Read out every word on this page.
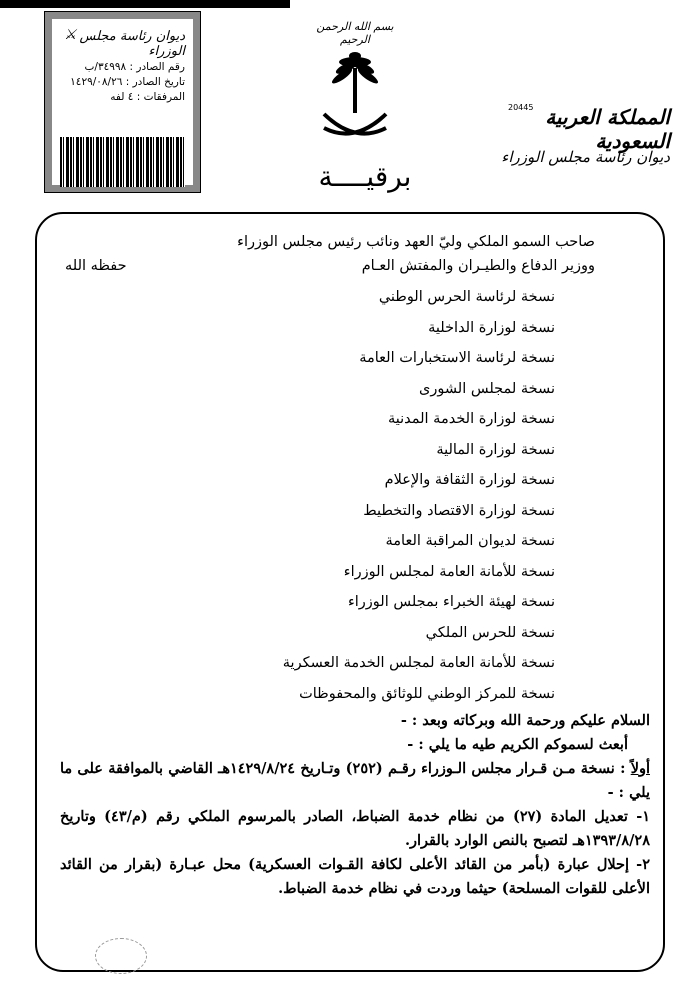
⚔ ديوان رئاسة مجلس الوزراء
رقم الصادر : ٣٤٩٩٨/ب
تاريخ الصادر : ١٤٢٩/٠٨/٢٦
المرفقات : ٤ لفه
بسم الله الرحمن الرحيم
برقيــــة
20445 المملكة العربية السعودية
ديوان رئاسة مجلس الوزراء

صاحب السمو الملكي وليّ العهد ونائب رئيس مجلس الوزراء

ووزير الدفاع والطيـران والمفتش العـام
حفظه الله
نسخة لرئاسة الحرس الوطني
نسخة لوزارة الداخلية
نسخة لرئاسة الاستخبارات العامة
نسخة لمجلس الشورى
نسخة لوزارة الخدمة المدنية
نسخة لوزارة المالية
نسخة لوزارة الثقافة والإعلام
نسخة لوزارة الاقتصاد والتخطيط
نسخة لديوان المراقبة العامة
نسخة للأمانة العامة لمجلس الوزراء
نسخة لهيئة الخبراء بمجلس الوزراء
نسخة للحرس الملكي
نسخة للأمانة العامة لمجلس الخدمة العسكرية
نسخة للمركز الوطني للوثائق والمحفوظات

السلام عليكم ورحمة الله وبركاته وبعد : -

أبعث لسموكم الكريم طيه ما يلي : -

أولاً : نسخة مـن قـرار مجلس الـوزراء رقـم (٢٥٢) وتـاريخ ١٤٢٩/٨/٢٤هـ القاضي بالموافقة على ما يلي : -

١- تعديل المادة (٢٧) من نظام خدمة الضباط، الصادر بالمرسوم الملكي رقم (م/٤٣) وتاريخ ١٣٩٣/٨/٢٨هـ لتصبح بالنص الوارد بالقرار.

٢- إحلال عبارة (بأمر من القائد الأعلى لكافة القـوات العسكرية) محل عبـارة (بقرار من القائد الأعلى للقوات المسلحة) حيثما وردت في نظام خدمة الضباط.
